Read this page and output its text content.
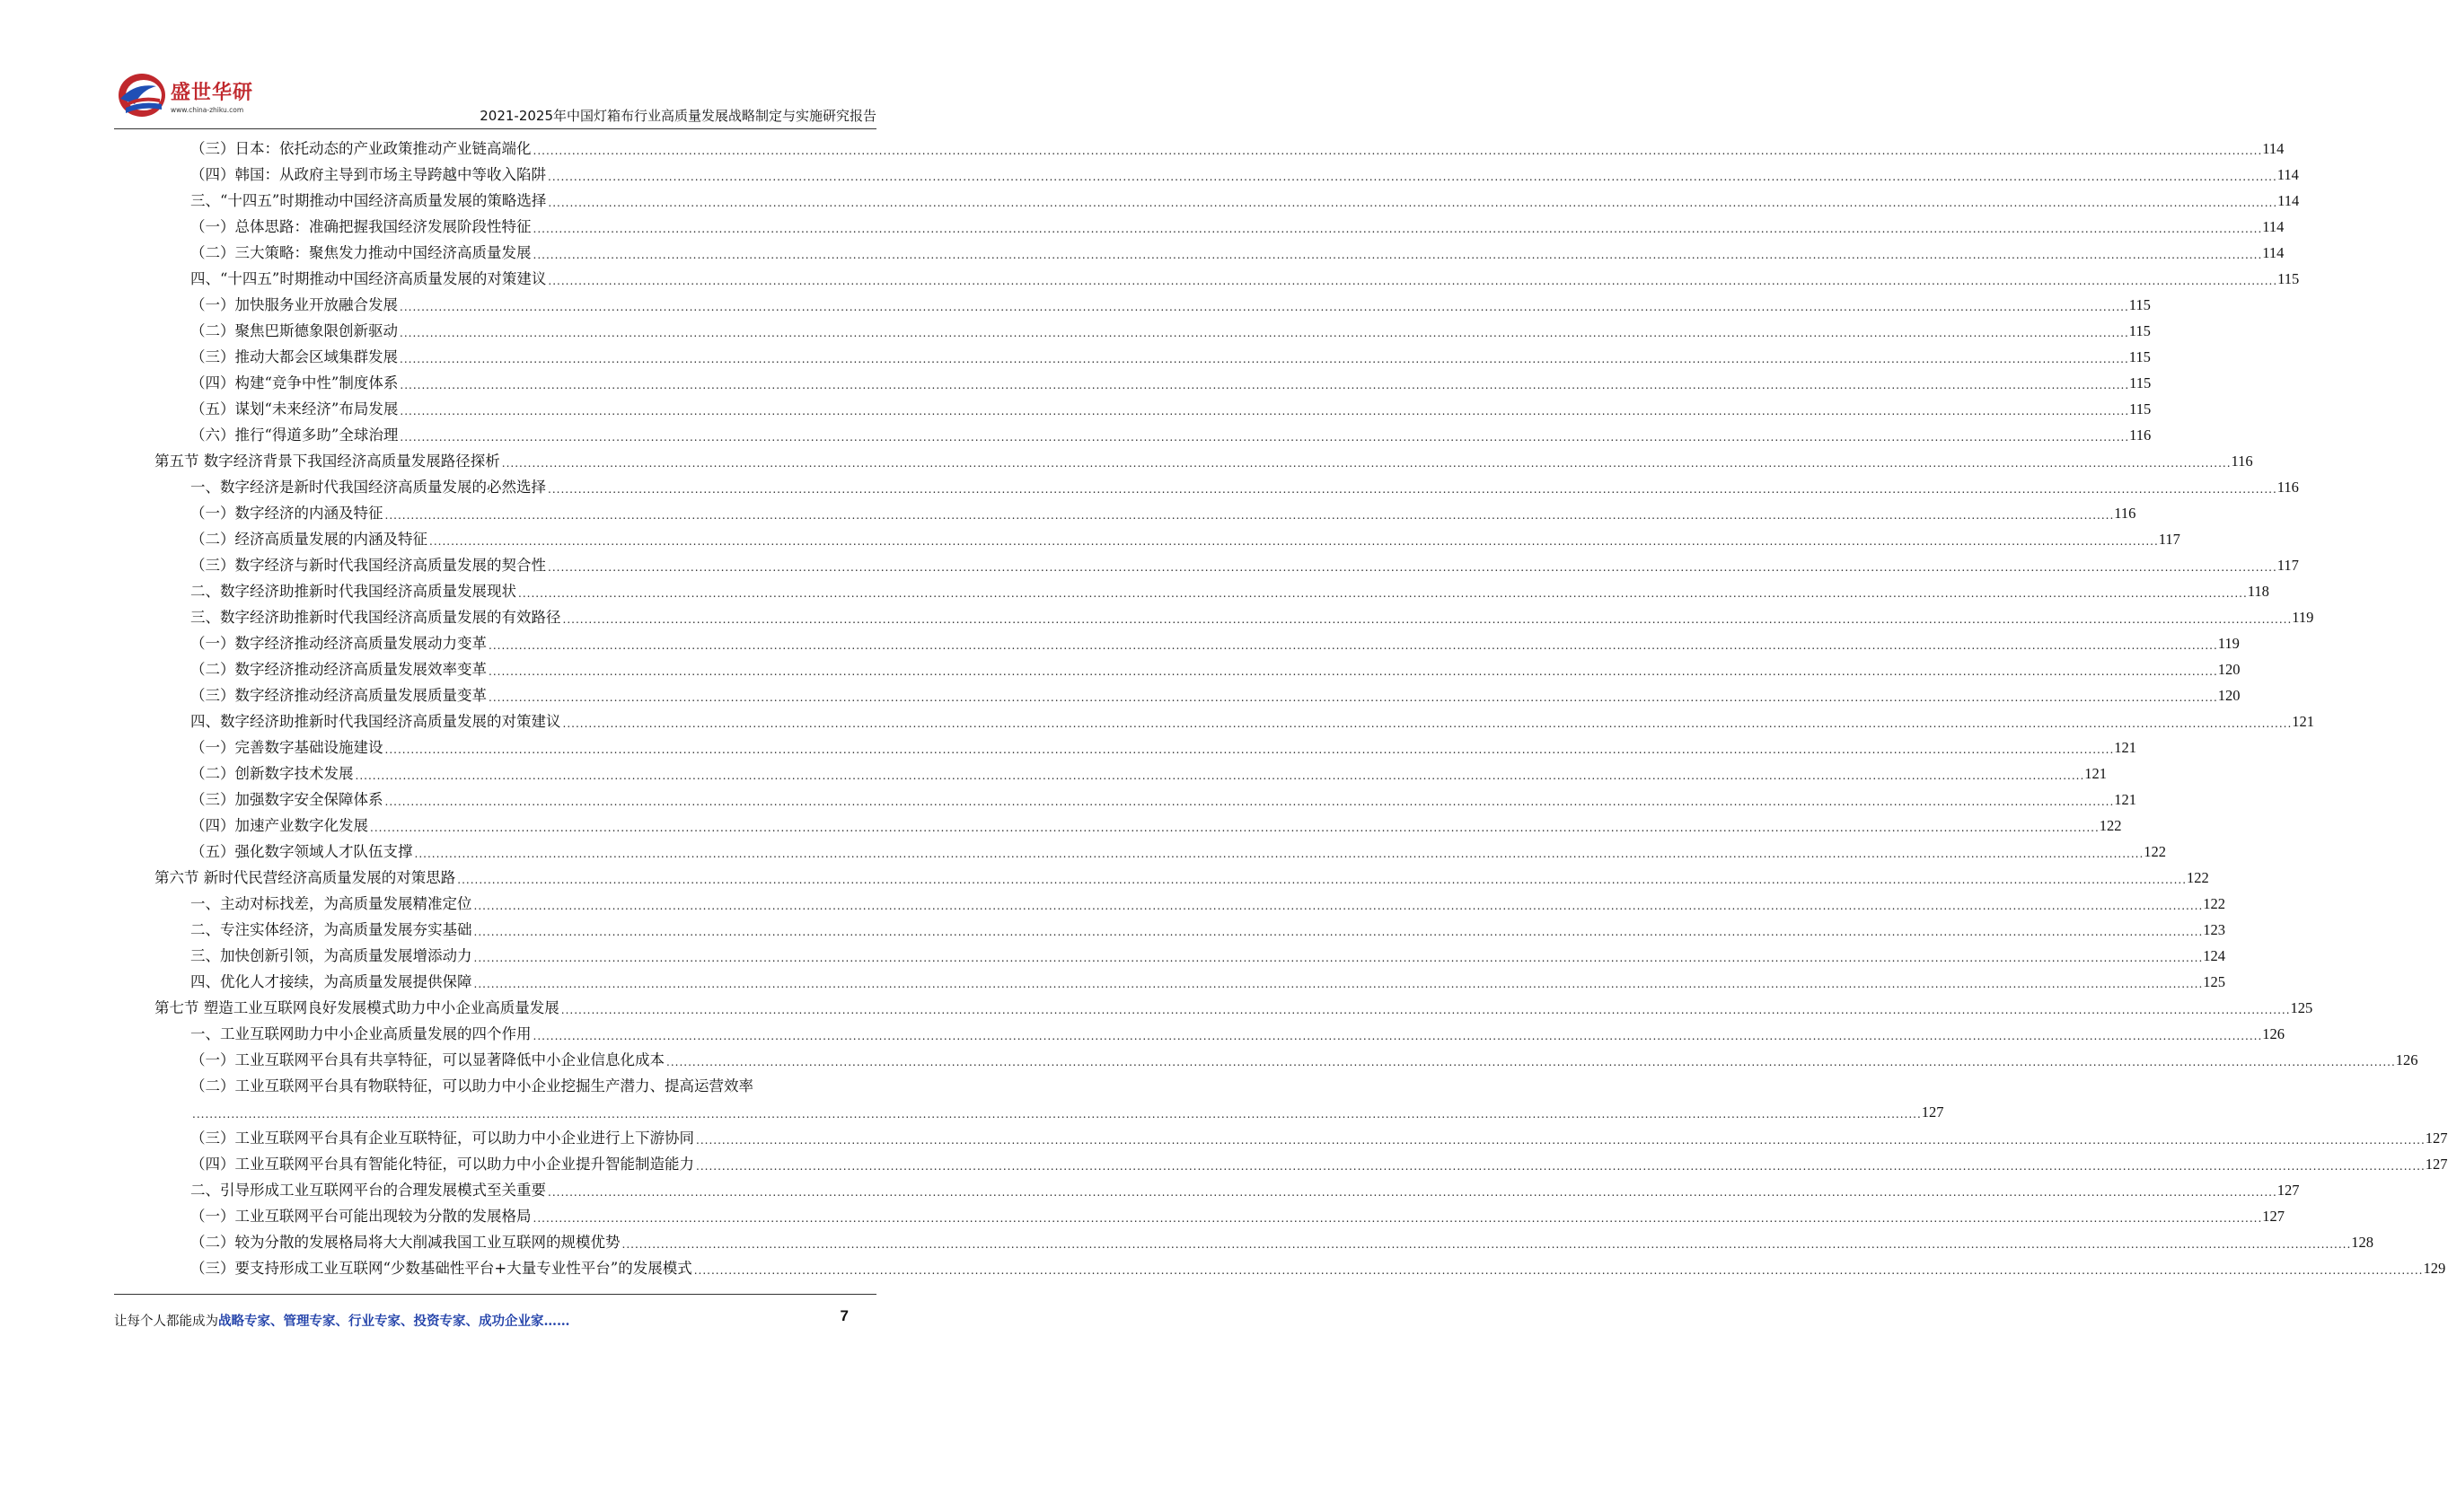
盛世华研
www.china-zhiku.com	2021-2025年中国灯箱布行业高质量发展战略制定与实施研究报告
（三）日本：依托动态的产业政策推动产业链高端化 ................................................................................................................................................................................................................................................................................................................................................................................................................ 114
（四）韩国：从政府主导到市场主导跨越中等收入陷阱 ................................................................................................................................................................................................................................................................................................................................................................................................................ 114
三、“十四五”时期推动中国经济高质量发展的策略选择 ................................................................................................................................................................................................................................................................................................................................................................................................................ 114
（一）总体思路：准确把握我国经济发展阶段性特征 ................................................................................................................................................................................................................................................................................................................................................................................................................ 114
（二）三大策略：聚焦发力推动中国经济高质量发展 ................................................................................................................................................................................................................................................................................................................................................................................................................ 114
四、“十四五”时期推动中国经济高质量发展的对策建议 ................................................................................................................................................................................................................................................................................................................................................................................................................ 115
（一）加快服务业开放融合发展 ................................................................................................................................................................................................................................................................................................................................................................................................................ 115
（二）聚焦巴斯德象限创新驱动 ................................................................................................................................................................................................................................................................................................................................................................................................................ 115
（三）推动大都会区域集群发展 ................................................................................................................................................................................................................................................................................................................................................................................................................ 115
（四）构建“竞争中性”制度体系 ................................................................................................................................................................................................................................................................................................................................................................................................................ 115
（五）谋划“未来经济”布局发展 ................................................................................................................................................................................................................................................................................................................................................................................................................ 115
（六）推行“得道多助”全球治理 ................................................................................................................................................................................................................................................................................................................................................................................................................ 116
第五节 数字经济背景下我国经济高质量发展路径探析 ................................................................................................................................................................................................................................................................................................................................................................................................................ 116
一、数字经济是新时代我国经济高质量发展的必然选择 ................................................................................................................................................................................................................................................................................................................................................................................................................ 116
（一）数字经济的内涵及特征 ................................................................................................................................................................................................................................................................................................................................................................................................................ 116
（二）经济高质量发展的内涵及特征 ................................................................................................................................................................................................................................................................................................................................................................................................................ 117
（三）数字经济与新时代我国经济高质量发展的契合性 ................................................................................................................................................................................................................................................................................................................................................................................................................ 117
二、数字经济助推新时代我国经济高质量发展现状 ................................................................................................................................................................................................................................................................................................................................................................................................................ 118
三、数字经济助推新时代我国经济高质量发展的有效路径 ................................................................................................................................................................................................................................................................................................................................................................................................................ 119
（一）数字经济推动经济高质量发展动力变革 ................................................................................................................................................................................................................................................................................................................................................................................................................ 119
（二）数字经济推动经济高质量发展效率变革 ................................................................................................................................................................................................................................................................................................................................................................................................................ 120
（三）数字经济推动经济高质量发展质量变革 ................................................................................................................................................................................................................................................................................................................................................................................................................ 120
四、数字经济助推新时代我国经济高质量发展的对策建议 ................................................................................................................................................................................................................................................................................................................................................................................................................ 121
（一）完善数字基础设施建设 ................................................................................................................................................................................................................................................................................................................................................................................................................ 121
（二）创新数字技术发展 ................................................................................................................................................................................................................................................................................................................................................................................................................ 121
（三）加强数字安全保障体系 ................................................................................................................................................................................................................................................................................................................................................................................................................ 121
（四）加速产业数字化发展 ................................................................................................................................................................................................................................................................................................................................................................................................................ 122
（五）强化数字领域人才队伍支撑 ................................................................................................................................................................................................................................................................................................................................................................................................................ 122
第六节 新时代民营经济高质量发展的对策思路 ................................................................................................................................................................................................................................................................................................................................................................................................................ 122
一、主动对标找差，为高质量发展精准定位 ................................................................................................................................................................................................................................................................................................................................................................................................................ 122
二、专注实体经济，为高质量发展夯实基础 ................................................................................................................................................................................................................................................................................................................................................................................................................ 123
三、加快创新引领，为高质量发展增添动力 ................................................................................................................................................................................................................................................................................................................................................................................................................ 124
四、优化人才接续，为高质量发展提供保障 ................................................................................................................................................................................................................................................................................................................................................................................................................ 125
第七节 塑造工业互联网良好发展模式助力中小企业高质量发展 ................................................................................................................................................................................................................................................................................................................................................................................................................ 125
一、工业互联网助力中小企业高质量发展的四个作用 ................................................................................................................................................................................................................................................................................................................................................................................................................ 126
（一）工业互联网平台具有共享特征，可以显著降低中小企业信息化成本 ................................................................................................................................................................................................................................................................................................................................................................................................................ 126
（二）工业互联网平台具有物联特征，可以助力中小企业挖掘生产潜力、提高运营效率
................................................................................................................................................................................................................................................................................................................................................................................................................ 127
（三）工业互联网平台具有企业互联特征，可以助力中小企业进行上下游协同 ................................................................................................................................................................................................................................................................................................................................................................................................................ 127
（四）工业互联网平台具有智能化特征，可以助力中小企业提升智能制造能力 ................................................................................................................................................................................................................................................................................................................................................................................................................ 127
二、引导形成工业互联网平台的合理发展模式至关重要 ................................................................................................................................................................................................................................................................................................................................................................................................................ 127
（一）工业互联网平台可能出现较为分散的发展格局 ................................................................................................................................................................................................................................................................................................................................................................................................................ 127
（二）较为分散的发展格局将大大削减我国工业互联网的规模优势 ................................................................................................................................................................................................................................................................................................................................................................................................................ 128
（三）要支持形成工业互联网“少数基础性平台+大量专业性平台”的发展模式 ................................................................................................................................................................................................................................................................................................................................................................................................................ 129
让每个人都能成为战略专家、管理专家、行业专家、投资专家、成功企业家……	7
